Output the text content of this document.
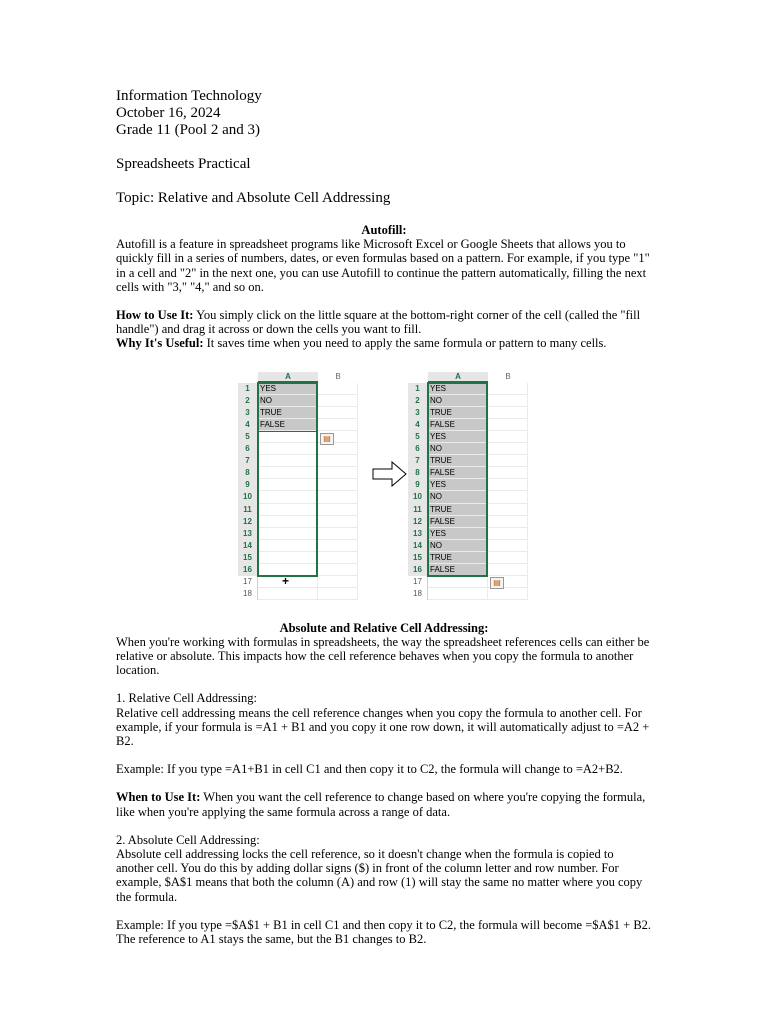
Information Technology

October 16, 2024

Grade 11 (Pool 2 and 3)

Spreadsheets Practical

Topic: Relative and Absolute Cell Addressing

Autofill:

Autofill is a feature in spreadsheet programs like Microsoft Excel or Google Sheets that allows you to quickly fill in a series of numbers, dates, or even formulas based on a pattern. For example, if you type "1" in a cell and "2" in the next one, you can use Autofill to continue the pattern automatically, filling the next cells with "3," "4," and so on.

How to Use It: You simply click on the little square at the bottom-right corner of the cell (called the "fill handle") and drag it across or down the cells you want to fill.

Why It's Useful: It saves time when you need to apply the same formula or pattern to many cells.

A	B
1	YES
2	NO
3	TRUE
4	FALSE
5
6
7
8
9
10
11
12
13
14
15
16
17
18
▤
+
A	B
1	YES
2	NO
3	TRUE
4	FALSE
5	YES
6	NO
7	TRUE
8	FALSE
9	YES
10	NO
11	TRUE
12	FALSE
13	YES
14	NO
15	TRUE
16	FALSE
17
18
▤

Absolute and Relative Cell Addressing:

When you're working with formulas in spreadsheets, the way the spreadsheet references cells can either be relative or absolute. This impacts how the cell reference behaves when you copy the formula to another location.

1. Relative Cell Addressing:

Relative cell addressing means the cell reference changes when you copy the formula to another cell. For example, if your formula is =A1 + B1 and you copy it one row down, it will automatically adjust to =A2 + B2.

Example: If you type =A1+B1 in cell C1 and then copy it to C2, the formula will change to =A2+B2.

When to Use It: When you want the cell reference to change based on where you're copying the formula, like when you're applying the same formula across a range of data.

2. Absolute Cell Addressing:

Absolute cell addressing locks the cell reference, so it doesn't change when the formula is copied to another cell. You do this by adding dollar signs ($) in front of the column letter and row number. For example, $A$1 means that both the column (A) and row (1) will stay the same no matter where you copy the formula.

Example: If you type =$A$1 + B1 in cell C1 and then copy it to C2, the formula will become =$A$1 + B2. The reference to A1 stays the same, but the B1 changes to B2.
